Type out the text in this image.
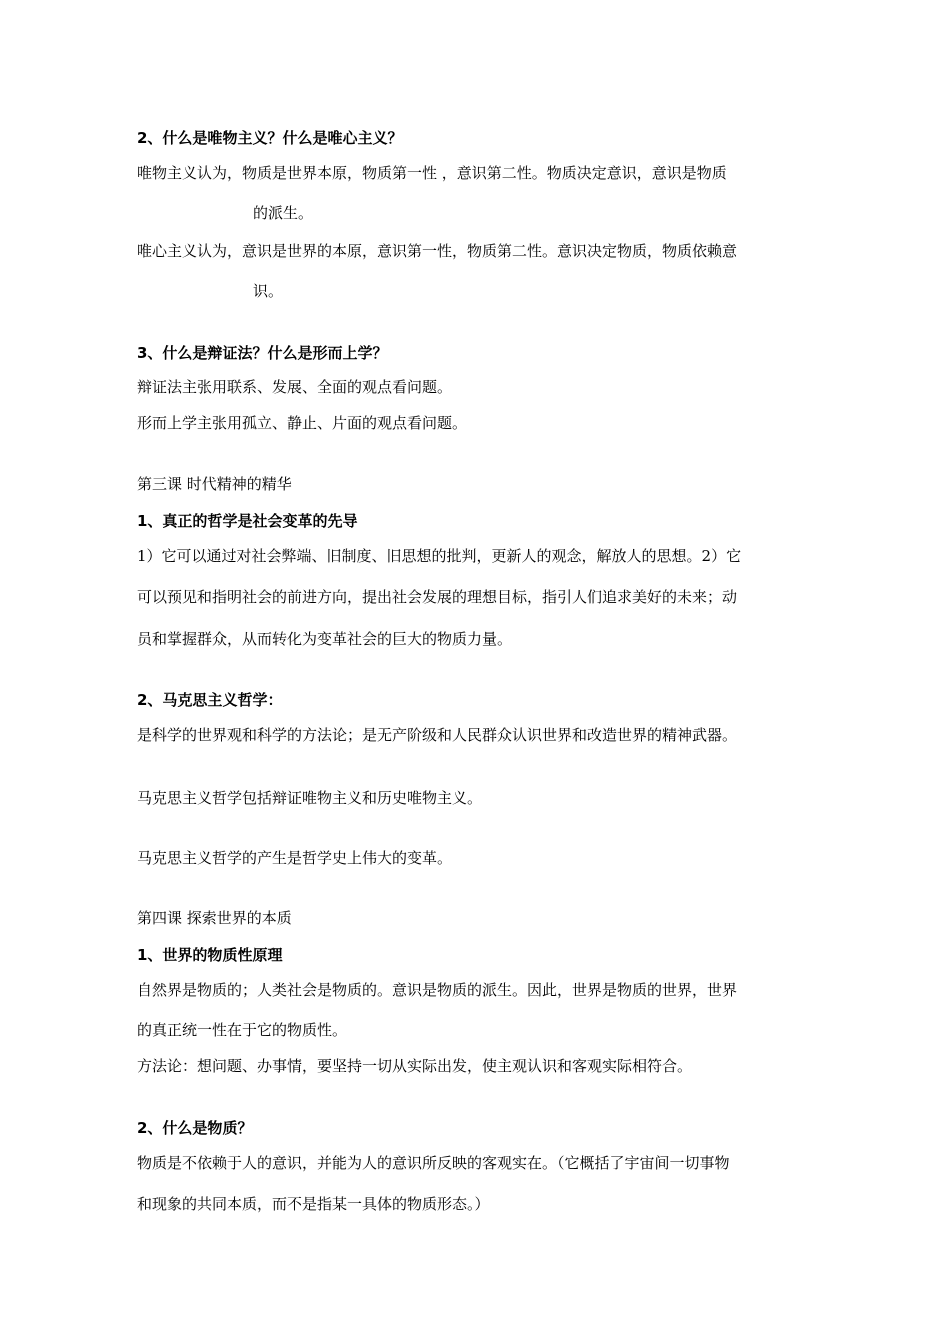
2、什么是唯物主义？什么是唯心主义？
唯物主义认为，物质是世界本原，物质第一性 ，意识第二性。物质决定意识，意识是物质
的派生。
唯心主义认为，意识是世界的本原，意识第一性，物质第二性。意识决定物质，物质依赖意
识。
3、什么是辩证法？什么是形而上学？
辩证法主张用联系、发展、全面的观点看问题。
形而上学主张用孤立、静止、片面的观点看问题。
第三课 时代精神的精华
1、真正的哲学是社会变革的先导
1）它可以通过对社会弊端、旧制度、旧思想的批判，更新人的观念，解放人的思想。2）它
可以预见和指明社会的前进方向，提出社会发展的理想目标，指引人们追求美好的未来；动
员和掌握群众，从而转化为变革社会的巨大的物质力量。
2、马克思主义哲学：
是科学的世界观和科学的方法论；是无产阶级和人民群众认识世界和改造世界的精神武器。
马克思主义哲学包括辩证唯物主义和历史唯物主义。
马克思主义哲学的产生是哲学史上伟大的变革。
第四课 探索世界的本质
1、世界的物质性原理
自然界是物质的；人类社会是物质的。意识是物质的派生。因此，世界是物质的世界，世界
的真正统一性在于它的物质性。
方法论：想问题、办事情，要坚持一切从实际出发，使主观认识和客观实际相符合。
2、什么是物质？
物质是不依赖于人的意识，并能为人的意识所反映的客观实在。（它概括了宇宙间一切事物
和现象的共同本质，而不是指某一具体的物质形态。）
